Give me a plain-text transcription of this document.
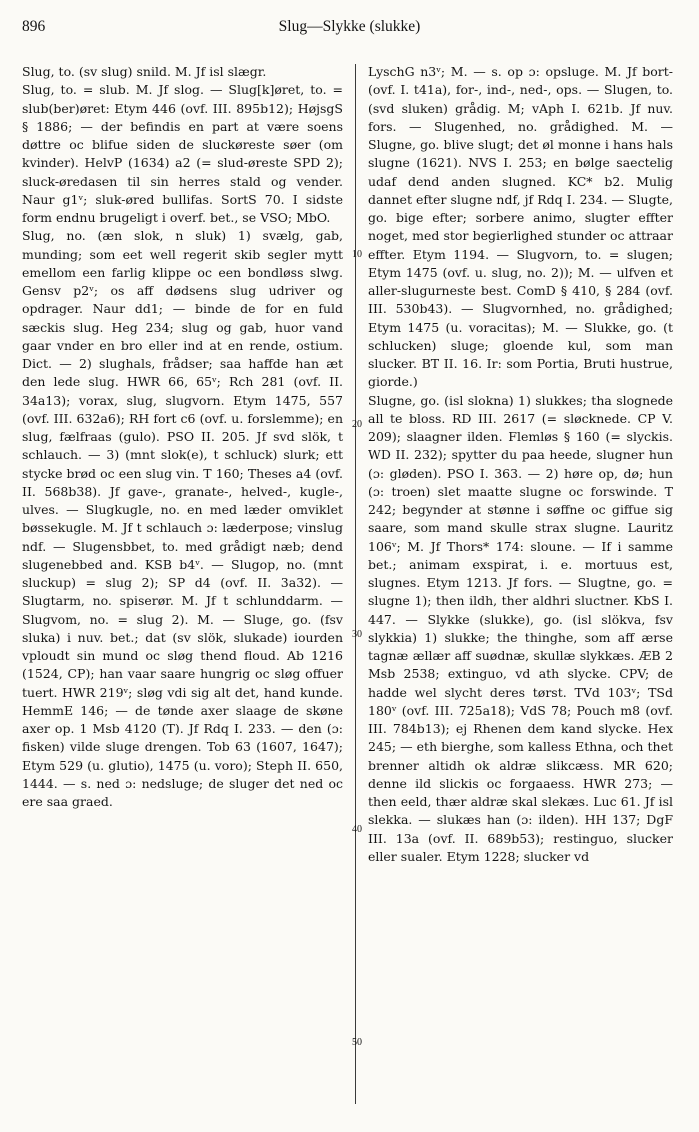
896	Slug—Slykke (slukke)

Slug, to. (sv slug) snild. M. Jf isl slægr.

Slug, to. = slub. M. Jf slog. — Slug[k]øret, to. = slub(ber)øret: Etym 446 (ovf. III. 895b12); HøjsgS § 1886; — der befindis en part at være soens døttre oc blifue siden de sluckøreste søer (om kvinder). HelvP (1634) a2 (= slud-øreste SPD 2); sluck-øredasen til sin herres stald og vender. Naur g1ᵛ; sluk-øred bullifas. SortS 70. I sidste form endnu brugeligt i overf. bet., se VSO; MbO.

Slug, no. (æn slok, n sluk) 1) svælg, gab, munding; som eet well regerit skib segler mytt emellom een farlig klippe oc een bondløss slwg. Gensv p2ᵛ; os aff dødsens slug udriver og opdrager. Naur dd1; — binde de for en fuld sæckis slug. Heg 234; slug og gab, huor vand gaar vnder en bro eller ind at en rende, ostium. Dict. — 2) slughals, frådser; saa haffde han æt den lede slug. HWR 66, 65ᵛ; Rch 281 (ovf. II. 34a13); vorax, slug, slugvorn. Etym 1475, 557 (ovf. III. 632a6); RH fort c6 (ovf. u. forslemme); en slug, fælfraas (gulo). PSO II. 205. Jf svd slök, t schlauch. — 3) (mnt slok(e), t schluck) slurk; ett stycke brød oc een slug vin. T 160; Theses a4 (ovf. II. 568b38). Jf gave-, granate-, helved-, kugle-, ulves. — Slugkugle, no. en med læder omviklet bøssekugle. M. Jf t schlauch ɔ: læderpose; vinslug ndf. — Slugensbbet, to. med grådigt næb; dend slugenebbed and. KSB b4ᵛ. — Slugop, no. (mnt sluckup) = slug 2); SP d4 (ovf. II. 3a32). — Slugtarm, no. spiserør. M. Jf t schlunddarm. — Slugvom, no. = slug 2). M. — Sluge, go. (fsv sluka) i nuv. bet.; dat (sv slök, slukade) iourden vploudt sin mund oc sløg thend floud. Ab 1216 (1524, CP); han vaar saare hungrig oc sløg offuer tuert. HWR 219ᵛ; sløg vdi sig alt det, hand kunde. HemmE 146; — de tønde axer slaage de skøne axer op. 1 Msb 4120 (T). Jf Rdq I. 233. — den (ɔ: fisken) vilde sluge drengen. Tob 63 (1607, 1647); Etym 529 (u. glutio), 1475 (u. voro); Steph II. 650, 1444. — s. ned ɔ: nedsluge; de sluger det ned oc ere saa graed.

10
20
30
40
50

LyschG n3ᵛ; M. — s. op ɔ: opsluge. M. Jf bort- (ovf. I. t41a), for-, ind-, ned-, ops. — Slugen, to. (svd sluken) grådig. M; vAph I. 621b. Jf nuv. fors. — Slugenhed, no. grådighed. M. — Slugne, go. blive slugt; det øl monne i hans hals slugne (1621). NVS I. 253; en bølge saectelig udaf dend anden slugned. KC* b2. Mulig dannet efter slugne ndf, jf Rdq I. 234. — Slugte, go. bige efter; sorbere animo, slugter effter noget, med stor begierlighed stunder oc attraar effter. Etym 1194. — Slugvorn, to. = slugen; Etym 1475 (ovf. u. slug, no. 2)); M. — ulfven et aller-slugurneste best. ComD § 410, § 284 (ovf. III. 530b43). — Slugvornhed, no. grådighed; Etym 1475 (u. voracitas); M. — Slukke, go. (t schlucken) sluge; gloende kul, som man slucker. BT II. 16. Ir: som Portia, Bruti hustrue, giorde.)

Slugne, go. (isl slokna) 1) slukkes; tha slognede all te bloss. RD III. 2617 (= sløcknede. CP V. 209); slaagner ilden. Flemløs § 160 (= slyckis. WD II. 232); spytter du paa heede, slugner hun (ɔ: gløden). PSO I. 363. — 2) høre op, dø; hun (ɔ: troen) slet maatte slugne oc forswinde. T 242; begynder at stønne i søffne oc giffue sig saare, som mand skulle strax slugne. Lauritz 106ᵛ; M. Jf Thors* 174: sloune. — If i samme bet.; animam exspirat, i. e. mortuus est, slugnes. Etym 1213. Jf fors. — Slugtne, go. = slugne 1); then ildh, ther aldhri sluctner. KbS I. 447. — Slykke (slukke), go. (isl slökva, fsv slykkia) 1) slukke; the thinghe, som aff ærse tagnæ ællær aff suødnæ, skullæ slykkæs. ÆB 2 Msb 2538; extinguo, vd ath slycke. CPV; de hadde wel slycht deres tørst. TVd 103ᵛ; TSd 180ᵛ (ovf. III. 725a18); VdS 78; Pouch m8 (ovf. III. 784b13); ej Rhenen dem kand slycke. Hex 245; — eth bierghe, som kalless Ethna, och thet brenner altidh ok aldræ slikcæss. MR 620; denne ild slickis oc forgaaess. HWR 273; — then eeld, thær aldræ skal slekæs. Luc 61. Jf isl slekka. — slukæs han (ɔ: ilden). HH 137; DgF III. 13a (ovf. II. 689b53); restinguo, slucker eller sualer. Etym 1228; slucker vd
